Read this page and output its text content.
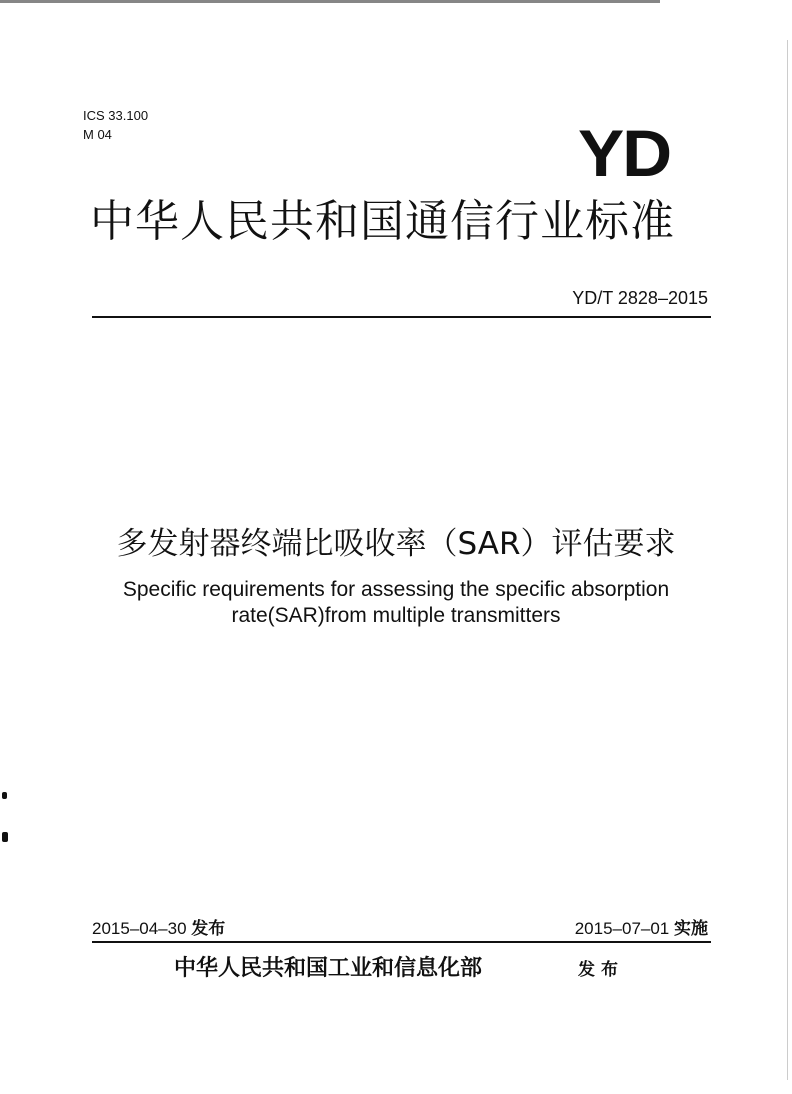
ICS 33.100
M 04	YD
中华人民共和国通信行业标准
YD/T 2828–2015
多发射器终端比吸收率（SAR）评估要求
Specific requirements for assessing the specific absorption
rate(SAR)from multiple transmitters
2015–04–30 发布	2015–07–01 实施
中华人民共和国工业和信息化部	发布
